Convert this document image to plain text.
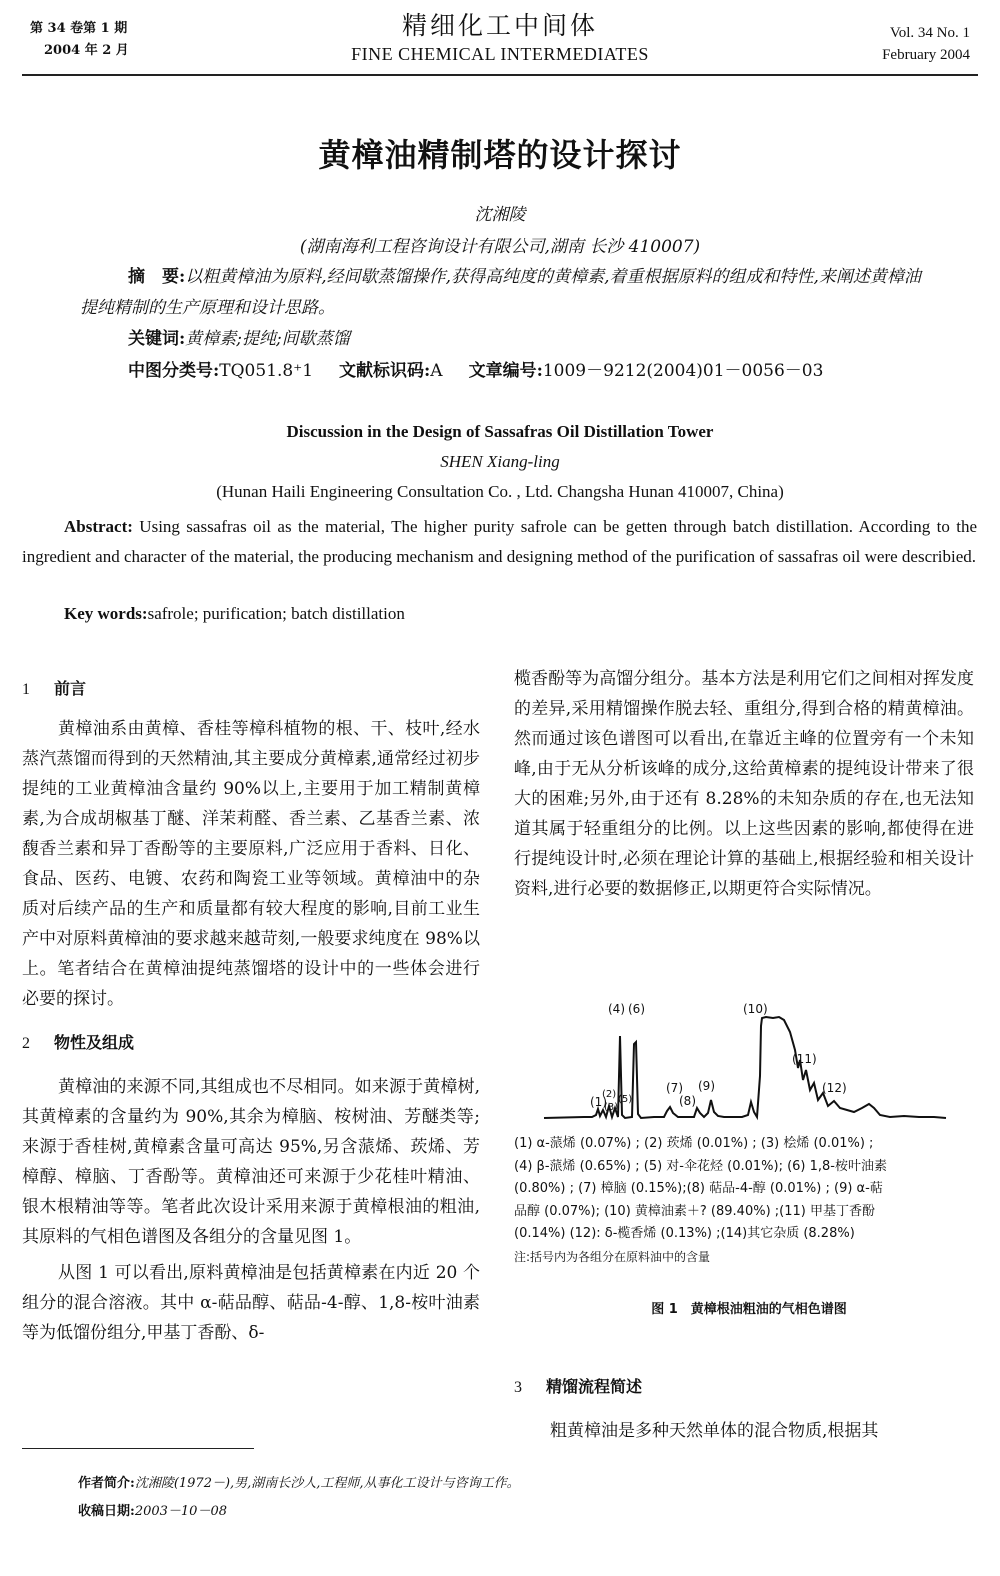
第 34 卷第 1 期
2004 年 2 月
精细化工中间体
FINE CHEMICAL INTERMEDIATES
Vol. 34 No. 1
February 2004
黄樟油精制塔的设计探讨
沈湘陵
(湖南海利工程咨询设计有限公司,湖南 长沙 410007)
摘　要:以粗黄樟油为原料,经间歇蒸馏操作,获得高纯度的黄樟素,着重根据原料的组成和特性,来阐述黄樟油提纯精制的生产原理和设计思路。
关键词:黄樟素;提纯;间歇蒸馏
中图分类号:TQ051.8⁺1 文献标识码:A 文章编号:1009－9212(2004)01－0056－03
Discussion in the Design of Sassafras Oil Distillation Tower
SHEN Xiang-ling
(Hunan Haili Engineering Consultation Co. , Ltd. Changsha Hunan 410007, China)
Abstract: Using sassafras oil as the material, The higher purity safrole can be getten through batch distillation. According to the ingredient and character of the material, the producing mechanism and designing method of the purification of sassafras oil were describied.
Key words:safrole; purification; batch distillation
1 前言

黄樟油系由黄樟、香桂等樟科植物的根、干、枝叶,经水蒸汽蒸馏而得到的天然精油,其主要成分黄樟素,通常经过初步提纯的工业黄樟油含量约 90%以上,主要用于加工精制黄樟素,为合成胡椒基丁醚、洋茉莉醛、香兰素、乙基香兰素、浓馥香兰素和异丁香酚等的主要原料,广泛应用于香料、日化、食品、医药、电镀、农药和陶瓷工业等领域。黄樟油中的杂质对后续产品的生产和质量都有较大程度的影响,目前工业生产中对原料黄樟油的要求越来越苛刻,一般要求纯度在 98%以上。笔者结合在黄樟油提纯蒸馏塔的设计中的一些体会进行必要的探讨。

2 物性及组成

黄樟油的来源不同,其组成也不尽相同。如来源于黄樟树,其黄樟素的含量约为 90%,其余为樟脑、桉树油、芳醚类等;来源于香桂树,黄樟素含量可高达 95%,另含蒎烯、莰烯、芳樟醇、樟脑、丁香酚等。黄樟油还可来源于少花桂叶精油、银木根精油等等。笔者此次设计采用来源于黄樟根油的粗油,其原料的气相色谱图及各组分的含量见图 1。

从图 1 可以看出,原料黄樟油是包括黄樟素在内近 20 个组分的混合溶液。其中 α-萜品醇、萜品-4-醇、1,8-桉叶油素等为低馏份组分,甲基丁香酚、δ-

榄香酚等为高馏分组分。基本方法是利用它们之间相对挥发度的差异,采用精馏操作脱去轻、重组分,得到合格的精黄樟油。然而通过该色谱图可以看出,在靠近主峰的位置旁有一个未知峰,由于无从分析该峰的成分,这给黄樟素的提纯设计带来了很大的困难;另外,由于还有 8.28%的未知杂质的存在,也无法知道其属于轻重组分的比例。以上这些因素的影响,都使得在进行提纯设计时,必须在理论计算的基础上,根据经验和相关设计资料,进行必要的数据修正,以期更符合实际情况。

(4) (6)	(10)
(11)
(12)
(7)
(8)
(9)
(1)
(2)
(3)
(5)
(1) α-蒎烯 (0.07%) ; (2) 莰烯 (0.01%) ; (3) 桧烯 (0.01%) ;
(4) β-蒎烯 (0.65%) ; (5) 对-伞花烃 (0.01%); (6) 1,8-桉叶油素
(0.80%) ; (7) 樟脑 (0.15%);(8) 萜品-4-醇 (0.01%) ; (9) α-萜
品醇 (0.07%); (10) 黄樟油素＋? (89.40%) ;(11) 甲基丁香酚
(0.14%) (12): δ-榄香烯 (0.13%) ;(14)其它杂质 (8.28%)
注:括号内为各组分在原料油中的含量
图 1　黄樟根油粗油的气相色谱图
3 精馏流程简述

粗黄樟油是多种天然单体的混合物质,根据其

作者简介:沈湘陵(1972－),男,湖南长沙人,工程师,从事化工设计与咨询工作。
收稿日期:2003－10－08
